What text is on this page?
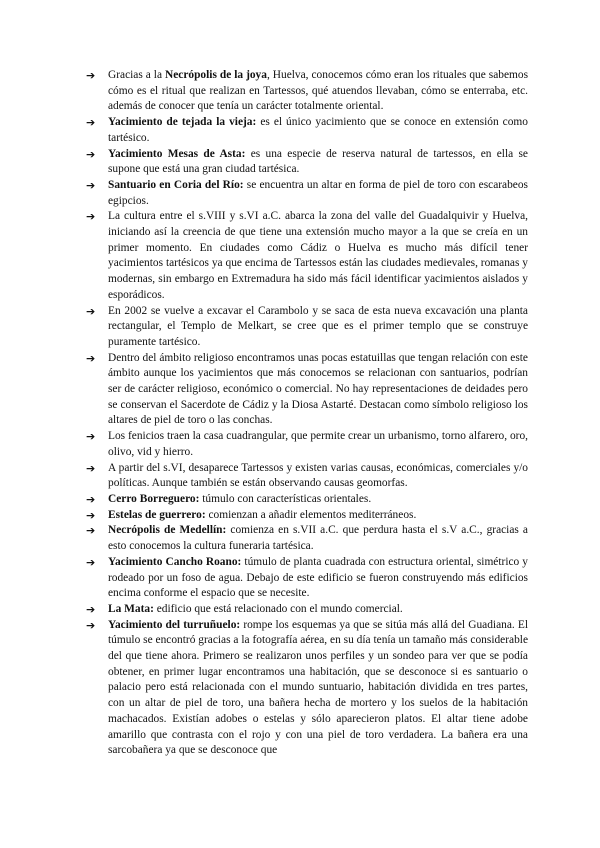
➔	Gracias a la Necrópolis de la joya, Huelva, conocemos cómo eran los rituales que sabemos cómo es el ritual que realizan en Tartessos, qué atuendos llevaban, cómo se enterraba, etc. además de conocer que tenía un carácter totalmente oriental.
➔	Yacimiento de tejada la vieja: es el único yacimiento que se conoce en extensión como tartésico.
➔	Yacimiento Mesas de Asta: es una especie de reserva natural de tartessos, en ella se supone que está una gran ciudad tartésica.
➔	Santuario en Coria del Río: se encuentra un altar en forma de piel de toro con escarabeos egipcios.
➔	La cultura entre el s.VIII y s.VI a.C. abarca la zona del valle del Guadalquivir y Huelva, iniciando así la creencia de que tiene una extensión mucho mayor a la que se creía en un primer momento. En ciudades como Cádiz o Huelva es mucho más difícil tener yacimientos tartésicos ya que encima de Tartessos están las ciudades medievales, romanas y modernas, sin embargo en Extremadura ha sido más fácil identificar yacimientos aislados y esporádicos.
➔	En 2002 se vuelve a excavar el Carambolo y se saca de esta nueva excavación una planta rectangular, el Templo de Melkart, se cree que es el primer templo que se construye puramente tartésico.
➔	Dentro del ámbito religioso encontramos unas pocas estatuillas que tengan relación con este ámbito aunque los yacimientos que más conocemos se relacionan con santuarios, podrían ser de carácter religioso, económico o comercial. No hay representaciones de deidades pero se conservan el Sacerdote de Cádiz y la Diosa Astarté. Destacan como símbolo religioso los altares de piel de toro o las conchas.
➔	Los fenicios traen la casa cuadrangular, que permite crear un urbanismo, torno alfarero, oro, olivo, vid y hierro.
➔	A partir del s.VI, desaparece Tartessos y existen varias causas, económicas, comerciales y/o políticas. Aunque también se están observando causas geomorfas.
➔	Cerro Borreguero: túmulo con características orientales.
➔	Estelas de guerrero: comienzan a añadir elementos mediterráneos.
➔	Necrópolis de Medellín: comienza en s.VII a.C. que perdura hasta el s.V a.C., gracias a esto conocemos la cultura funeraria tartésica.
➔	Yacimiento Cancho Roano: túmulo de planta cuadrada con estructura oriental, simétrico y rodeado por un foso de agua. Debajo de este edificio se fueron construyendo más edificios encima conforme el espacio que se necesite.
➔	La Mata: edificio que está relacionado con el mundo comercial.
➔	Yacimiento del turruñuelo: rompe los esquemas ya que se sitúa más allá del Guadiana. El túmulo se encontró gracias a la fotografía aérea, en su día tenía un tamaño más considerable del que tiene ahora. Primero se realizaron unos perfiles y un sondeo para ver que se podía obtener, en primer lugar encontramos una habitación, que se desconoce si es santuario o palacio pero está relacionada con el mundo suntuario, habitación dividida en tres partes, con un altar de piel de toro, una bañera hecha de mortero y los suelos de la habitación machacados. Existían adobes o estelas y sólo aparecieron platos. El altar tiene adobe amarillo que contrasta con el rojo y con una piel de toro verdadera. La bañera era una sarcobañera ya que se desconoce que
